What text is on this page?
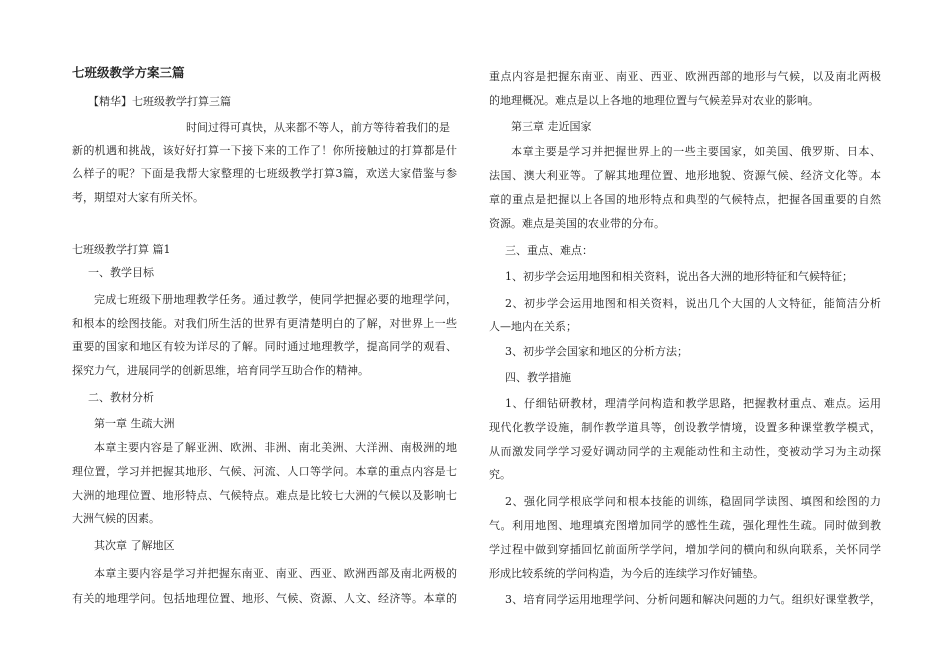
七班级教学方案三篇

【精华】七班级教学打算三篇

时间过得可真快，从来都不等人，前方等待着我们的是

新的机遇和挑战，该好好打算一下接下来的工作了！你所接触过的打算都是什

么样子的呢？下面是我帮大家整理的七班级教学打算3篇，欢送大家借鉴与参

考，期望对大家有所关怀。

七班级教学打算 篇1

一、教学目标

完成七班级下册地理教学任务。通过教学，使同学把握必要的地理学问，

和根本的绘图技能。对我们所生活的世界有更清楚明白的了解，对世界上一些

重要的国家和地区有较为详尽的了解。同时通过地理教学，提高同学的观看、

探究力气，进展同学的创新思维，培育同学互助合作的精神。

二、教材分析

第一章 生疏大洲

本章主要内容是了解亚洲、欧洲、非洲、南北美洲、大洋洲、南极洲的地

理位置，学习并把握其地形、气候、河流、人口等学问。本章的重点内容是七

大洲的地理位置、地形特点、气候特点。难点是比较七大洲的气候以及影响七

大洲气候的因素。

其次章 了解地区

本章主要内容是学习并把握东南亚、南亚、西亚、欧洲西部及南北两极的

有关的地理学问。包括地理位置、地形、气候、资源、人文、经济等。本章的

重点内容是把握东南亚、南亚、西亚、欧洲西部的地形与气候，以及南北两极

的地理概况。难点是以上各地的地理位置与气候差异对农业的影响。

第三章 走近国家

本章主要是学习并把握世界上的一些主要国家，如美国、俄罗斯、日本、

法国、澳大利亚等。了解其地理位置、地形地貌、资源气候、经济文化等。本

章的重点是把握以上各国的地形特点和典型的气候特点，把握各国重要的自然

资源。难点是美国的农业带的分布。

三、重点、难点：

1、初步学会运用地图和相关资料，说出各大洲的地形特征和气候特征；

2、初步学会运用地图和相关资料，说出几个大国的人文特征，能简洁分析

人—地内在关系；

3、初步学会国家和地区的分析方法；

四、教学措施

1、仔细钻研教材，理清学问构造和教学思路，把握教材重点、难点。运用

现代化教学设施，制作教学道具等，创设教学情境，设置多种课堂教学模式，

从而激发同学学习爱好调动同学的主观能动性和主动性，变被动学习为主动探

究。

2、强化同学根底学问和根本技能的训练，稳固同学读图、填图和绘图的力

气。利用地图、地理填充图增加同学的感性生疏，强化理性生疏。同时做到教

学过程中做到穿插回忆前面所学学问，增加学问的横向和纵向联系，关怀同学

形成比较系统的学问构造，为今后的连续学习作好铺垫。

3、培育同学运用地理学问、分析问题和解决问题的力气。组织好课堂教学，
